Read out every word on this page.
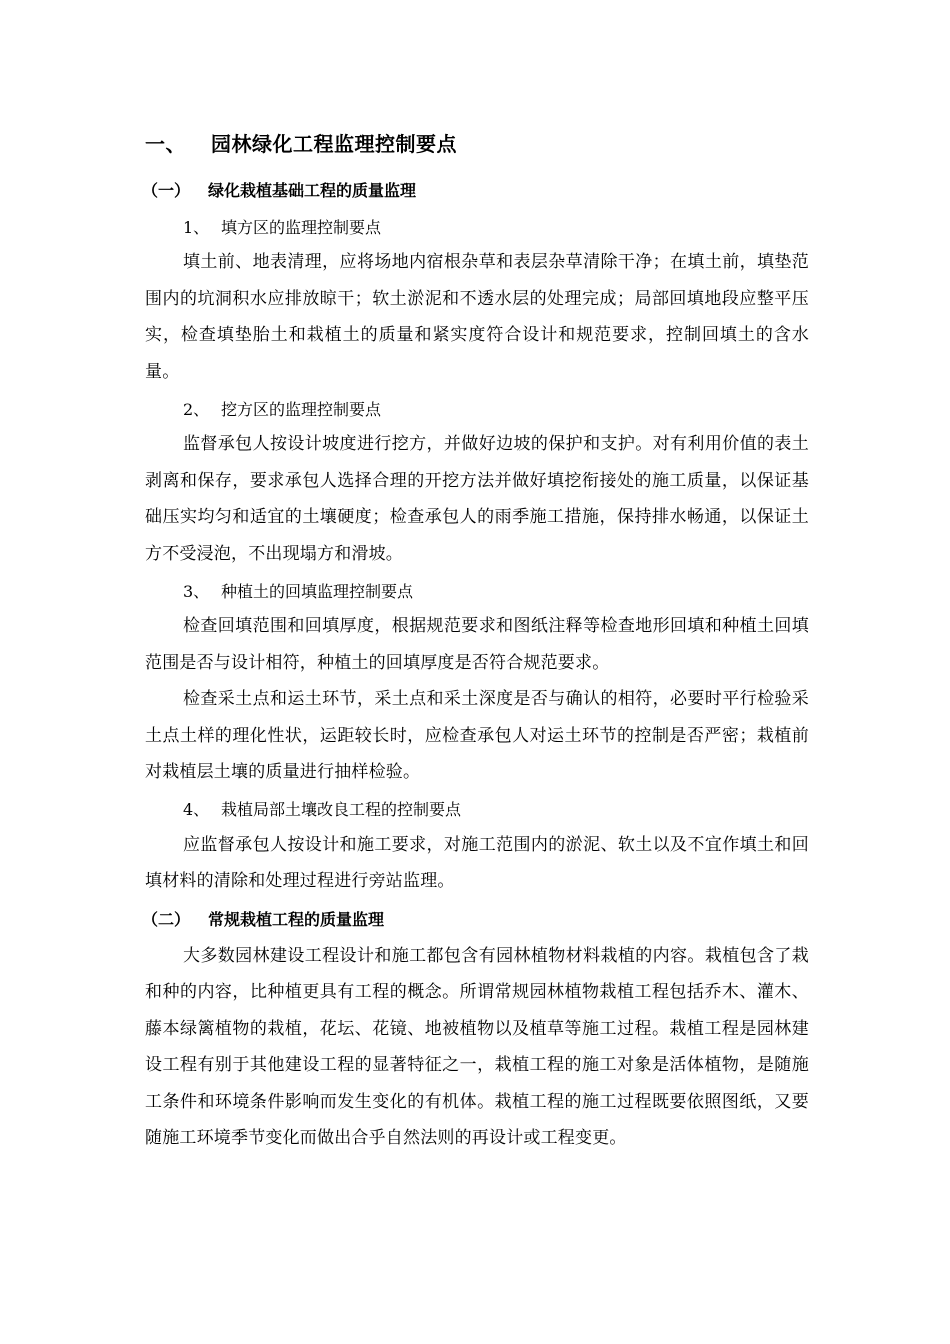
一、	园林绿化工程监理控制要点
（一）	绿化栽植基础工程的质量监理
1、 填方区的监理控制要点

填土前、地表清理，应将场地内宿根杂草和表层杂草清除干净；在填土前，填垫范围内的坑洞积水应排放晾干；软土淤泥和不透水层的处理完成；局部回填地段应整平压实，检查填垫胎土和栽植土的质量和紧实度符合设计和规范要求，控制回填土的含水量。

2、 挖方区的监理控制要点

监督承包人按设计坡度进行挖方，并做好边坡的保护和支护。对有利用价值的表土剥离和保存，要求承包人选择合理的开挖方法并做好填挖衔接处的施工质量，以保证基础压实均匀和适宜的土壤硬度；检查承包人的雨季施工措施，保持排水畅通，以保证土方不受浸泡，不出现塌方和滑坡。

3、 种植土的回填监理控制要点

检查回填范围和回填厚度，根据规范要求和图纸注释等检查地形回填和种植土回填范围是否与设计相符，种植土的回填厚度是否符合规范要求。

检查采土点和运土环节，采土点和采土深度是否与确认的相符，必要时平行检验采土点土样的理化性状，运距较长时，应检查承包人对运土环节的控制是否严密；栽植前对栽植层土壤的质量进行抽样检验。

4、 栽植局部土壤改良工程的控制要点

应监督承包人按设计和施工要求，对施工范围内的淤泥、软土以及不宜作填土和回填材料的清除和处理过程进行旁站监理。

（二）	常规栽植工程的质量监理

大多数园林建设工程设计和施工都包含有园林植物材料栽植的内容。栽植包含了栽和种的内容，比种植更具有工程的概念。所谓常规园林植物栽植工程包括乔木、灌木、藤本绿篱植物的栽植，花坛、花镜、地被植物以及植草等施工过程。栽植工程是园林建设工程有别于其他建设工程的显著特征之一，栽植工程的施工对象是活体植物，是随施工条件和环境条件影响而发生变化的有机体。栽植工程的施工过程既要依照图纸，又要随施工环境季节变化而做出合乎自然法则的再设计或工程变更。
